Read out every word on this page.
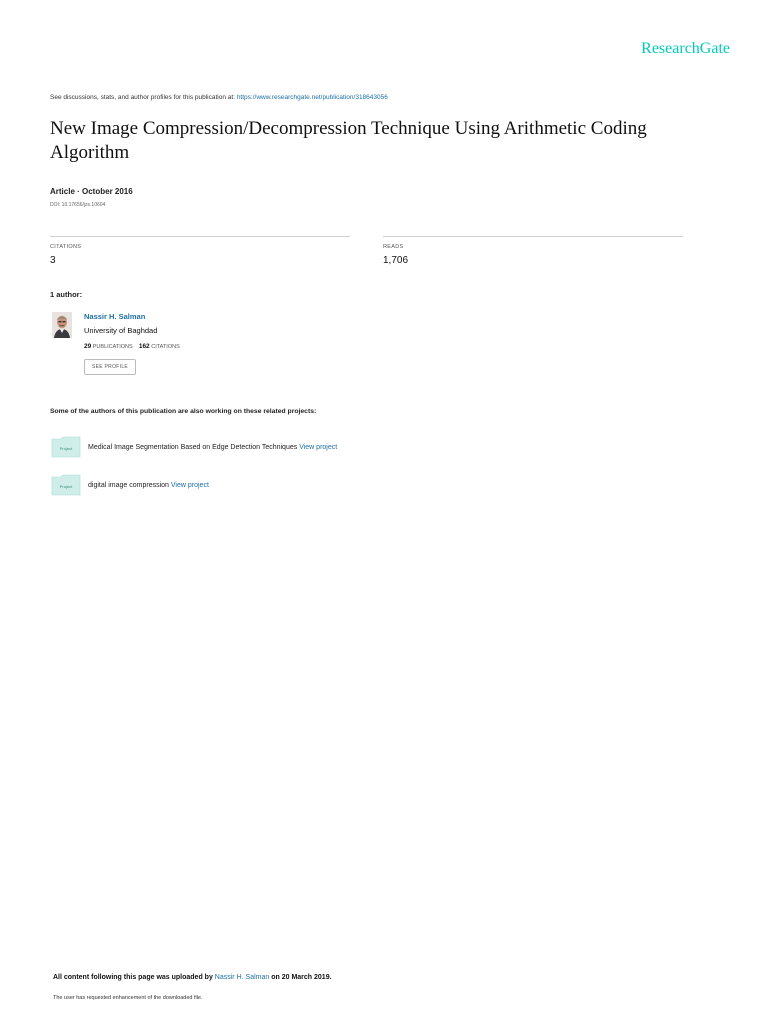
ResearchGate
See discussions, stats, and author profiles for this publication at: https://www.researchgate.net/publication/318643056
New Image Compression/Decompression Technique Using Arithmetic Coding Algorithm
Article · October 2016
DOI: 10.17656/jzs.10604
CITATIONS
3
READS
1,706
1 author:
Nassir H. Salman
University of Baghdad
29 PUBLICATIONS 162 CITATIONS
SEE PROFILE
Some of the authors of this publication are also working on these related projects:
Project Medical Image Segmentation Based on Edge Detection Techniques View project
Project digital image compression View project
All content following this page was uploaded by Nassir H. Salman on 20 March 2019.
The user has requested enhancement of the downloaded file.
